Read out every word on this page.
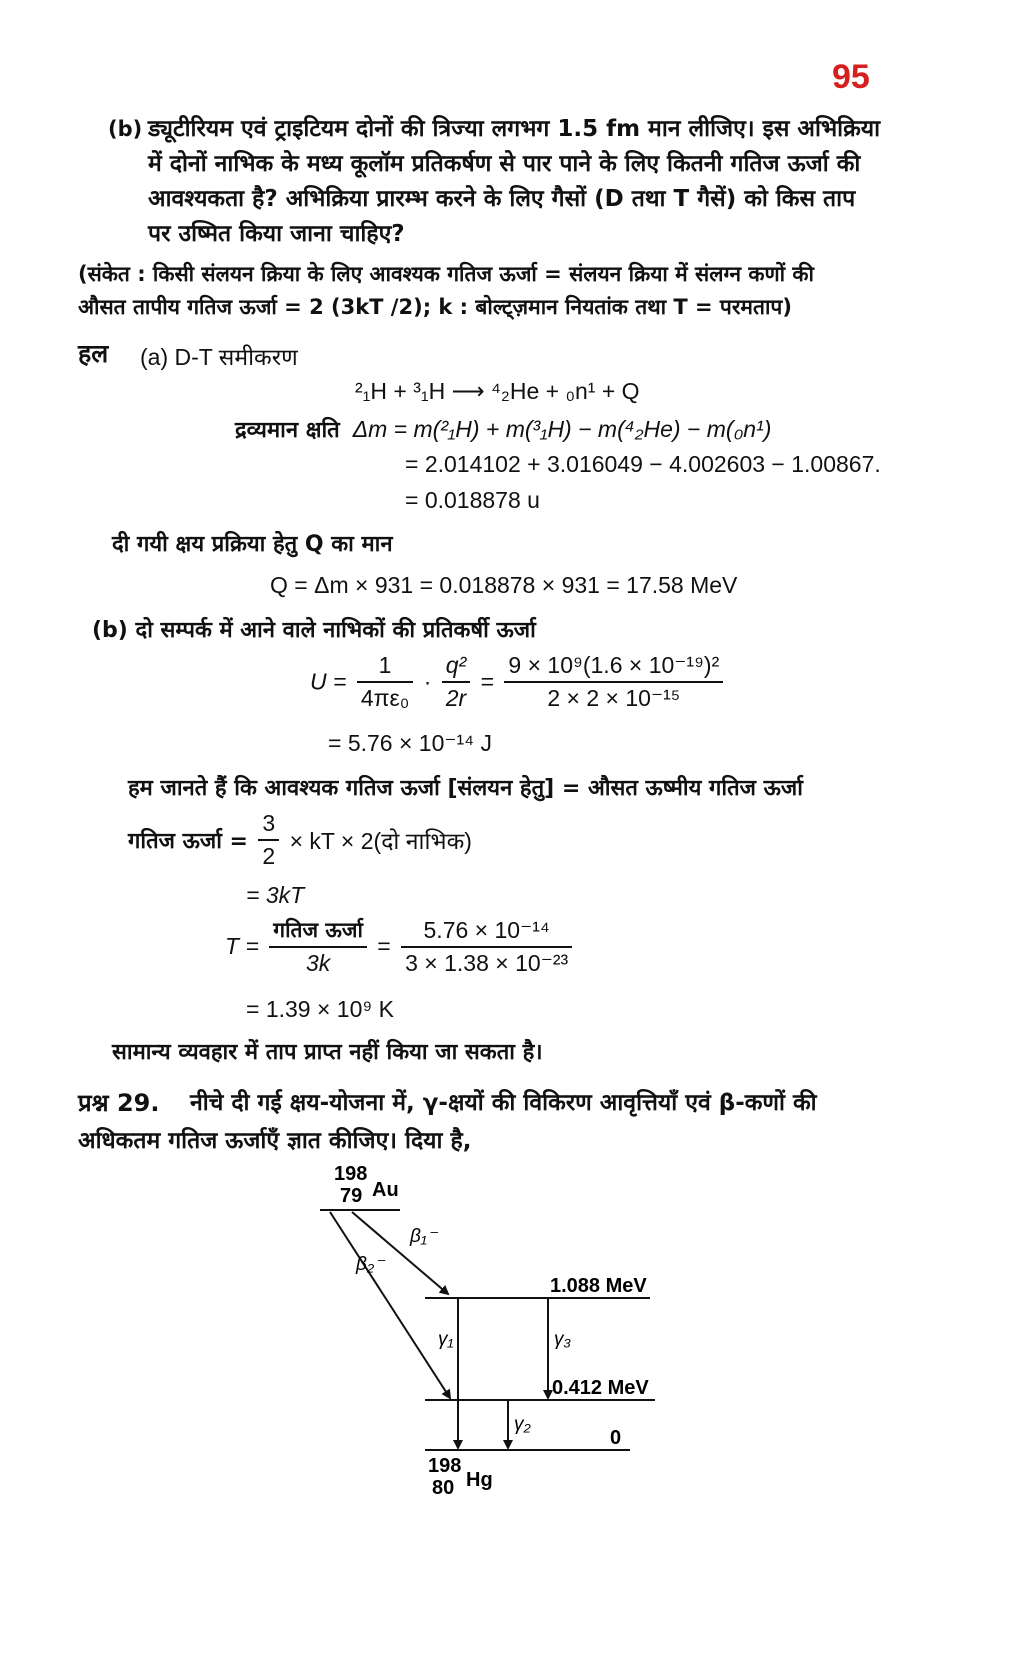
95
(b) ड्यूटीरियम एवं ट्राइटियम दोनों की त्रिज्या लगभग 1.5 fm मान लीजिए। इस अभिक्रिया
में दोनों नाभिक के मध्य कूलॉम प्रतिकर्षण से पार पाने के लिए कितनी गतिज ऊर्जा की
आवश्यकता है? अभिक्रिया प्रारम्भ करने के लिए गैसों (D तथा T गैसें) को किस ताप
पर उष्मित किया जाना चाहिए?
(संकेत : किसी संलयन क्रिया के लिए आवश्यक गतिज ऊर्जा = संलयन क्रिया में संलग्न कणों की
औसत तापीय गतिज ऊर्जा = 2 (3kT /2); k : बोल्ट्ज़मान नियतांक तथा T = परमताप)
हल (a) D-T समीकरण
²₁H + ³₁H ⟶ ⁴₂He + ₀n¹ + Q
द्रव्यमान क्षति Δm = m(²₁H) + m(³₁H) − m(⁴₂He) − m(₀n¹)
= 2.014102 + 3.016049 − 4.002603 − 1.00867.
= 0.018878 u
दी गयी क्षय प्रक्रिया हेतु Q का मान
Q = Δm × 931 = 0.018878 × 931 = 17.58 MeV
(b) दो सम्पर्क में आने वाले नाभिकों की प्रतिकर्षी ऊर्जा
$U = \frac{1}{\text{4πε₀}} \cdot \frac{\text{q²}}{2r} = \frac{\text{9 × 10⁹(1.6 × 10⁻¹⁹)²}}{\text{2 × 2 × 10⁻¹⁵}}$
= 5.76 × 10⁻¹⁴ J
हम जानते हैं कि आवश्यक गतिज ऊर्जा [संलयन हेतु] = औसत ऊष्मीय गतिज ऊर्जा
गतिज ऊर्जा = $\frac{3}{2}$ × kT × 2(दो नाभिक)
= 3kT
$T = \frac{\text{गतिज ऊर्जा}}{3k} = \frac{\text{5.76 × 10⁻¹⁴}}{\text{3 × 1.38 × 10⁻²³}}$
= 1.39 × 10⁹ K
सामान्य व्यवहार में ताप प्राप्त नहीं किया जा सकता है।
प्रश्न 29. नीचे दी गई क्षय-योजना में, γ-क्षयों की विकिरण आवृत्तियाँ एवं β-कणों की
अधिकतम गतिज ऊर्जाएँ ज्ञात कीजिए। दिया है,
198
79 Au
β₁⁻
β₂⁻
1.088 MeV
0.412 MeV
0
γ₁	γ₃
γ₂
198
80 Hg
